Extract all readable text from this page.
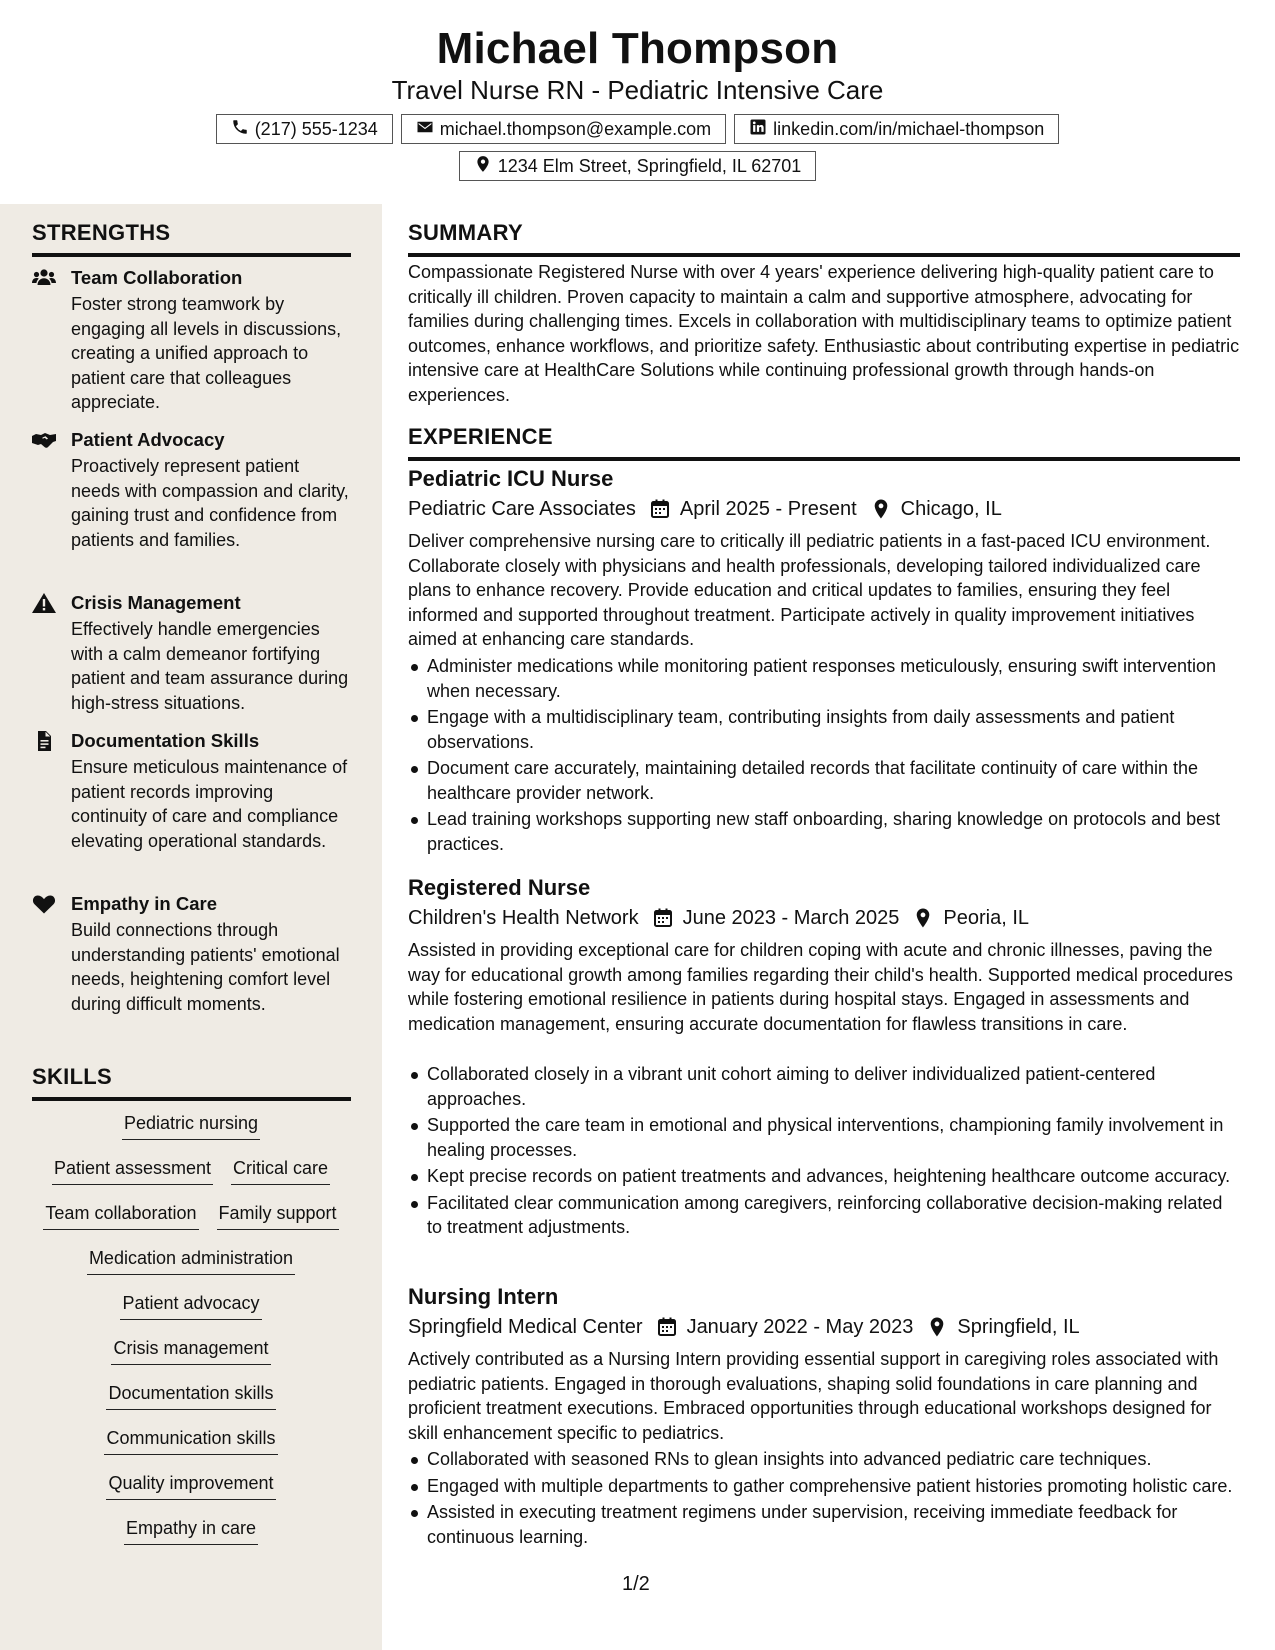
Michael Thompson
Travel Nurse RN - Pediatric Intensive Care
(217) 555-1234	michael.thompson@example.com	linkedin.com/in/michael-thompson
1234 Elm Street, Springfield, IL 62701
STRENGTHS
Team Collaboration
Foster strong teamwork by engaging all levels in discussions, creating a unified approach to patient care that colleagues appreciate.
Patient Advocacy
Proactively represent patient needs with compassion and clarity, gaining trust and confidence from patients and families.
Crisis Management
Effectively handle emergencies with a calm demeanor fortifying patient and team assurance during high-stress situations.
Documentation Skills
Ensure meticulous maintenance of patient records improving continuity of care and compliance elevating operational standards.
Empathy in Care
Build connections through understanding patients' emotional needs, heightening comfort level during difficult moments.
SKILLS
Pediatric nursing
Patient assessment Critical care
Team collaboration Family support
Medication administration
Patient advocacy
Crisis management
Documentation skills
Communication skills
Quality improvement
Empathy in care
SUMMARY
Compassionate Registered Nurse with over 4 years' experience delivering high-quality patient care to critically ill children. Proven capacity to maintain a calm and supportive atmosphere, advocating for families during challenging times. Excels in collaboration with multidisciplinary teams to optimize patient outcomes, enhance workflows, and prioritize safety. Enthusiastic about contributing expertise in pediatric intensive care at HealthCare Solutions while continuing professional growth through hands-on experiences.
EXPERIENCE
Pediatric ICU Nurse
Pediatric Care Associates April 2025 - Present Chicago, IL
Deliver comprehensive nursing care to critically ill pediatric patients in a fast-paced ICU environment. Collaborate closely with physicians and health professionals, developing tailored individualized care plans to enhance recovery. Provide education and critical updates to families, ensuring they feel informed and supported throughout treatment. Participate actively in quality improvement initiatives aimed at enhancing care standards.
Administer medications while monitoring patient responses meticulously, ensuring swift intervention when necessary.
Engage with a multidisciplinary team, contributing insights from daily assessments and patient observations.
Document care accurately, maintaining detailed records that facilitate continuity of care within the healthcare provider network.
Lead training workshops supporting new staff onboarding, sharing knowledge on protocols and best practices.
Registered Nurse
Children's Health Network June 2023 - March 2025 Peoria, IL
Assisted in providing exceptional care for children coping with acute and chronic illnesses, paving the way for educational growth among families regarding their child's health. Supported medical procedures while fostering emotional resilience in patients during hospital stays. Engaged in assessments and medication management, ensuring accurate documentation for flawless transitions in care.
Collaborated closely in a vibrant unit cohort aiming to deliver individualized patient-centered approaches.
Supported the care team in emotional and physical interventions, championing family involvement in healing processes.
Kept precise records on patient treatments and advances, heightening healthcare outcome accuracy.
Facilitated clear communication among caregivers, reinforcing collaborative decision-making related to treatment adjustments.
Nursing Intern
Springfield Medical Center January 2022 - May 2023 Springfield, IL
Actively contributed as a Nursing Intern providing essential support in caregiving roles associated with pediatric patients. Engaged in thorough evaluations, shaping solid foundations in care planning and proficient treatment executions. Embraced opportunities through educational workshops designed for skill enhancement specific to pediatrics.
Collaborated with seasoned RNs to glean insights into advanced pediatric care techniques.
Engaged with multiple departments to gather comprehensive patient histories promoting holistic care.
Assisted in executing treatment regimens under supervision, receiving immediate feedback for continuous learning.
1/2
